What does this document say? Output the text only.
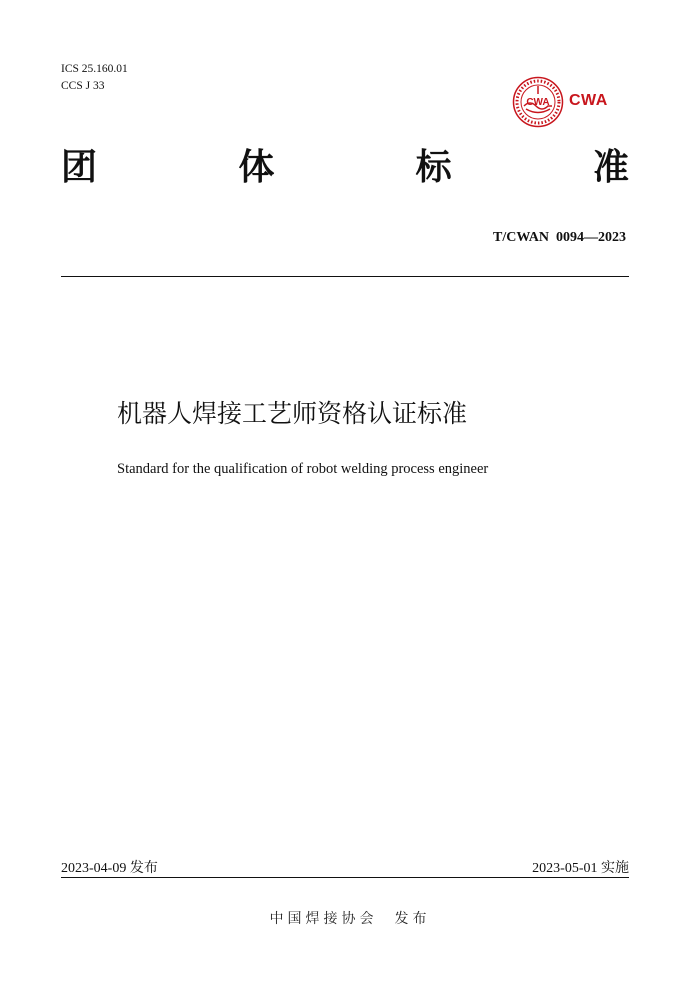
ICS 25.160.01
CCS J 33
CWA CWA
团	体	标	准
T/CWAN  0094—2023
机器人焊接工艺师资格认证标准
Standard for the qualification of robot welding process engineer
2023-04-09 发布	2023-05-01 实施
中国焊接协会  发布
